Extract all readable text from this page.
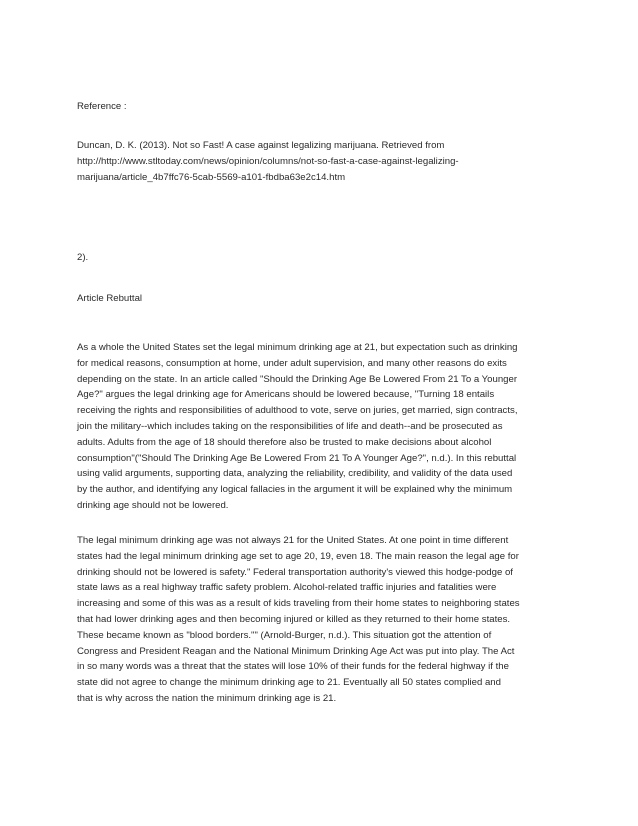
Reference :

Duncan, D. K. (2013). Not so Fast! A case against legalizing marijuana. Retrieved from
http://http://www.stltoday.com/news/opinion/columns/not-so-fast-a-case-against-legalizing-
marijuana/article_4b7ffc76-5cab-5569-a101-fbdba63e2c14.htm

2).

Article Rebuttal

As a whole the United States set the legal minimum drinking age at 21, but expectation such as drinking
for medical reasons, consumption at home, under adult supervision, and many other reasons do exits
depending on the state. In an article called "Should the Drinking Age Be Lowered From 21 To a Younger
Age?" argues the legal drinking age for Americans should be lowered because, "Turning 18 entails
receiving the rights and responsibilities of adulthood to vote, serve on juries, get married, sign contracts,
join the military--which includes taking on the responsibilities of life and death--and be prosecuted as
adults. Adults from the age of 18 should therefore also be trusted to make decisions about alcohol
consumption"("Should The Drinking Age Be Lowered From 21 To A Younger Age?", n.d.). In this rebuttal
using valid arguments, supporting data, analyzing the reliability, credibility, and validity of the data used
by the author, and identifying any logical fallacies in the argument it will be explained why the minimum
drinking age should not be lowered.

The legal minimum drinking age was not always 21 for the United States. At one point in time different
states had the legal minimum drinking age set to age 20, 19, even 18. The main reason the legal age for
drinking should not be lowered is safety." Federal transportation authority's viewed this hodge-podge of
state laws as a real highway traffic safety problem. Alcohol-related traffic injuries and fatalities were
increasing and some of this was as a result of kids traveling from their home states to neighboring states
that had lower drinking ages and then becoming injured or killed as they returned to their home states.
These became known as "blood borders."" (Arnold-Burger, n.d.). This situation got the attention of
Congress and President Reagan and the National Minimum Drinking Age Act was put into play. The Act
in so many words was a threat that the states will lose 10% of their funds for the federal highway if the
state did not agree to change the minimum drinking age to 21. Eventually all 50 states complied and
that is why across the nation the minimum drinking age is 21.
